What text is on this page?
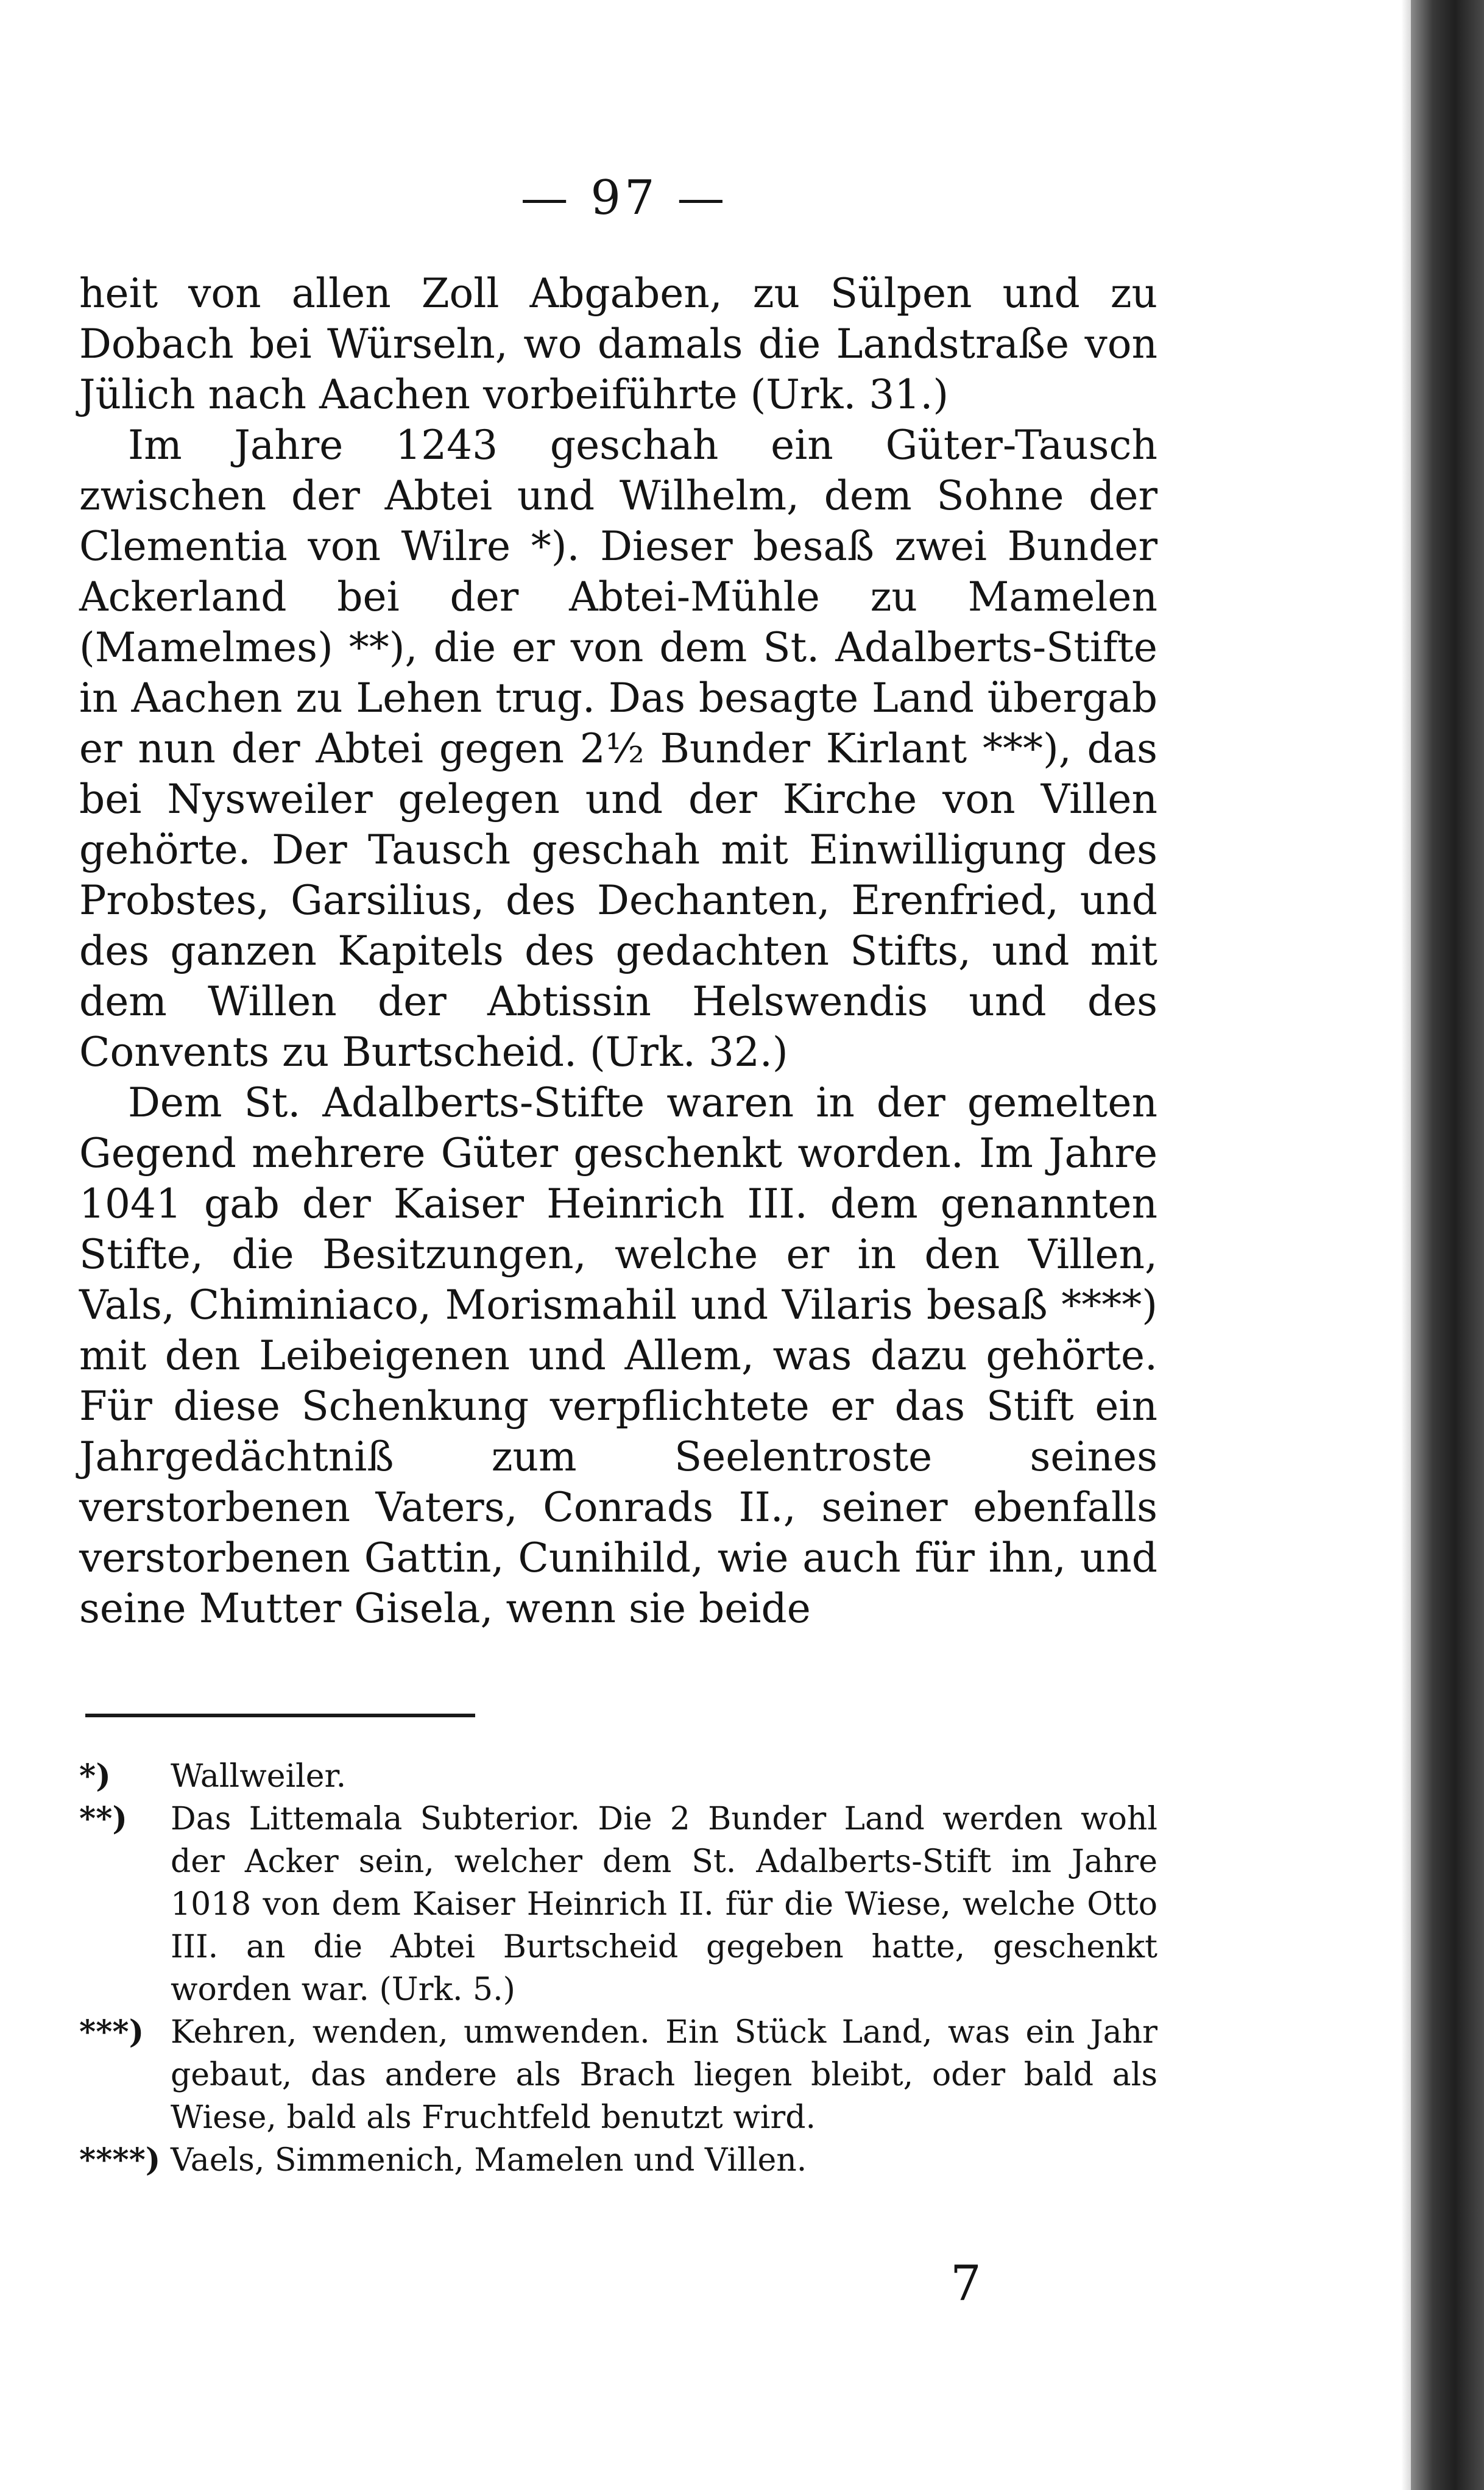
— 97 —

heit von allen Zoll Abgaben, zu Sülpen und zu Dobach bei Würseln, wo damals die Landstraße von Jülich nach Aachen vorbeiführte (Urk. 31.)

Im Jahre 1243 geschah ein Güter-Tausch zwischen der Abtei und Wilhelm, dem Sohne der Clementia von Wilre *). Dieser besaß zwei Bunder Ackerland bei der Abtei-Mühle zu Mamelen (Mamelmes) **), die er von dem St. Adalberts-Stifte in Aachen zu Lehen trug. Das besagte Land übergab er nun der Abtei gegen 2½ Bunder Kirlant ***), das bei Nysweiler gelegen und der Kirche von Villen gehörte. Der Tausch geschah mit Einwilligung des Probstes, Garsilius, des Dechanten, Erenfried, und des ganzen Kapitels des gedachten Stifts, und mit dem Willen der Abtissin Helswendis und des Convents zu Burtscheid. (Urk. 32.)

Dem St. Adalberts-Stifte waren in der gemelten Gegend mehrere Güter geschenkt worden. Im Jahre 1041 gab der Kaiser Heinrich III. dem genannten Stifte, die Besitzungen, welche er in den Villen, Vals, Chiminiaco, Morismahil und Vilaris besaß ****) mit den Leibeigenen und Allem, was dazu gehörte. Für diese Schenkung verpflichtete er das Stift ein Jahrgedächtniß zum Seelentroste seines verstorbenen Vaters, Conrads II., seiner ebenfalls verstorbenen Gattin, Cunihild, wie auch für ihn, und seine Mutter Gisela, wenn sie beide

*)	Wallweiler.
**)	Das Littemala Subterior. Die 2 Bunder Land werden wohl der Acker sein, welcher dem St. Adalberts-Stift im Jahre 1018 von dem Kaiser Heinrich II. für die Wiese, welche Otto III. an die Abtei Burtscheid gegeben hatte, geschenkt worden war. (Urk. 5.)
***) Kehren, wenden, umwenden. Ein Stück Land, was ein Jahr gebaut, das andere als Brach liegen bleibt, oder bald als Wiese, bald als Fruchtfeld benutzt wird.
****) Vaels, Simmenich, Mamelen und Villen.
7
